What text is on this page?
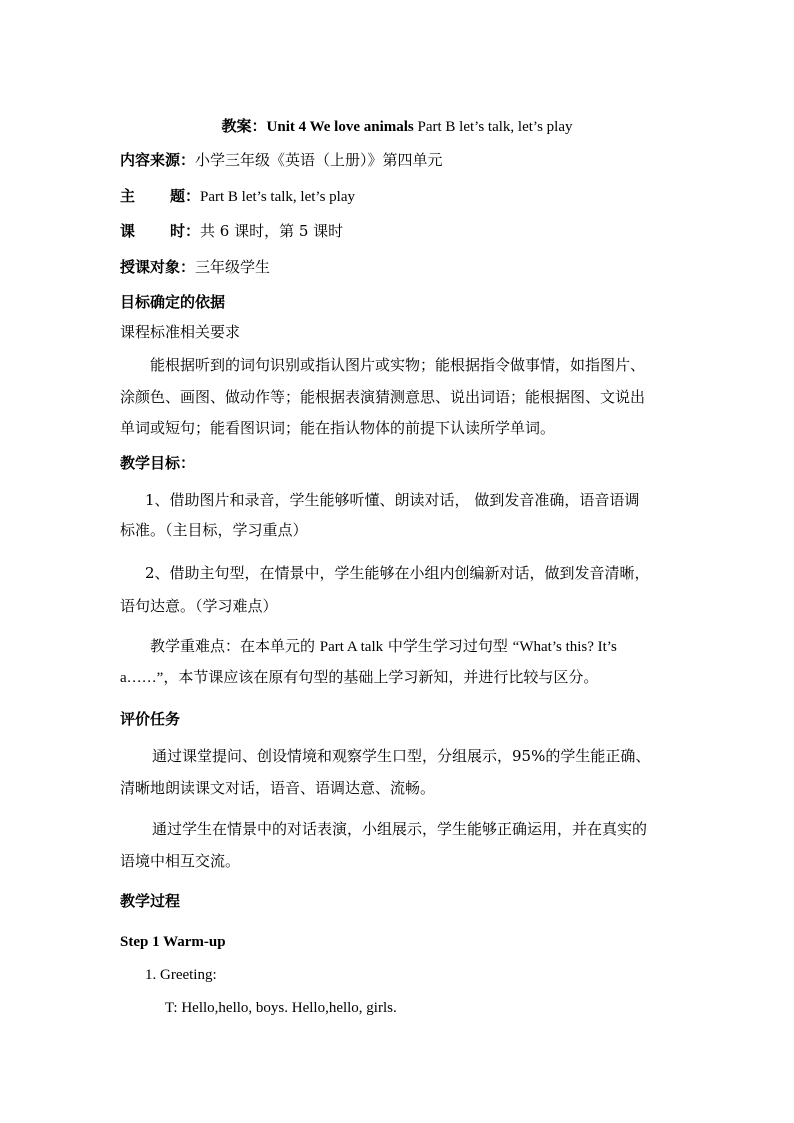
教案：Unit 4 We love animals Part B let’s talk, let’s play
内容来源：小学三年级《英语（上册）》第四单元
主 题：Part B let’s talk, let’s play
课 时：共 6 课时，第 5 课时
授课对象：三年级学生
目标确定的依据
课程标准相关要求
能根据听到的词句识别或指认图片或实物；能根据指令做事情，如指图片、
涂颜色、画图、做动作等；能根据表演猜测意思、说出词语；能根据图、文说出
单词或短句；能看图识词；能在指认物体的前提下认读所学单词。
教学目标：
1、借助图片和录音，学生能够听懂、朗读对话， 做到发音准确，语音语调
标准。（主目标，学习重点）
2、借助主句型，在情景中，学生能够在小组内创编新对话，做到发音清晰，
语句达意。（学习难点）
教学重难点：在本单元的 Part A talk 中学生学习过句型 “What’s this? It’s
a……”，本节课应该在原有句型的基础上学习新知，并进行比较与区分。
评价任务
通过课堂提问、创设情境和观察学生口型，分组展示，95%的学生能正确、
清晰地朗读课文对话，语音、语调达意、流畅。
通过学生在情景中的对话表演，小组展示，学生能够正确运用，并在真实的
语境中相互交流。
教学过程
Step 1 Warm-up
1. Greeting:
T: Hello,hello, boys. Hello,hello, girls.
